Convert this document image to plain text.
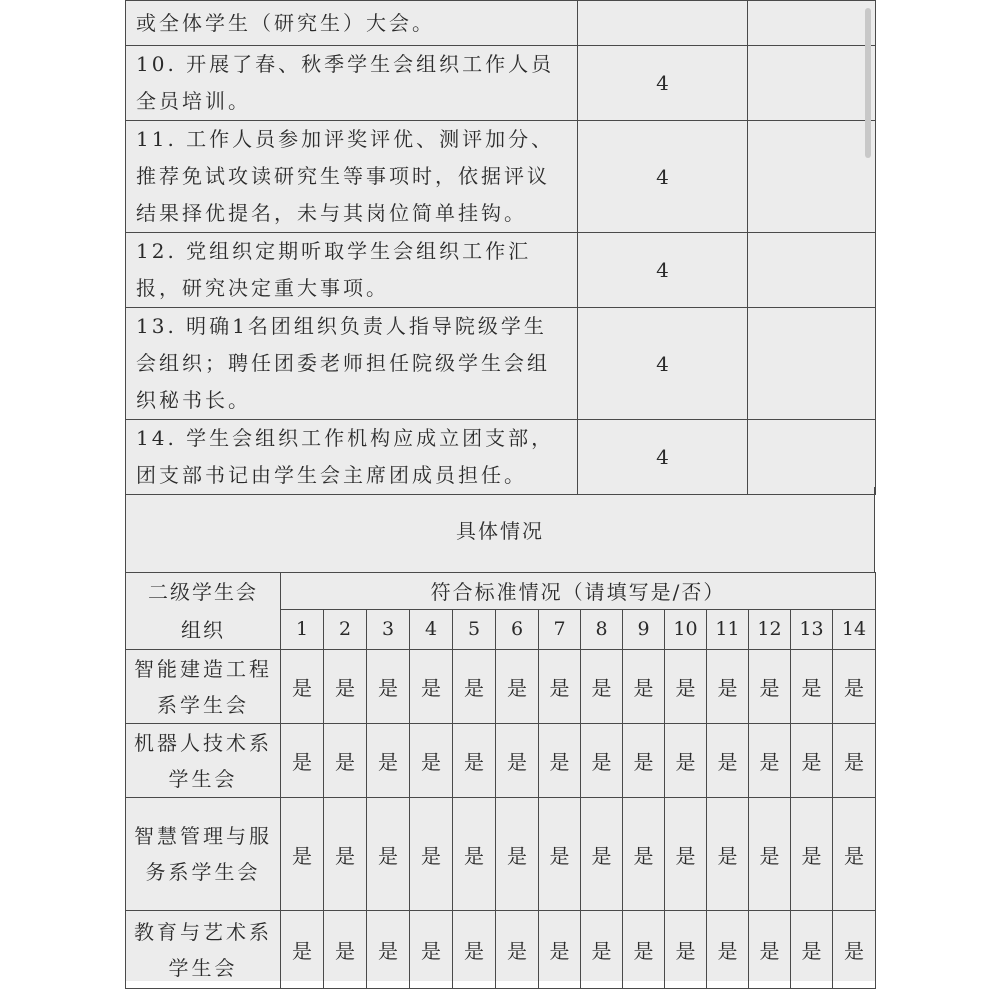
或全体学生（研究生）大会。		
10. 开展了春、秋季学生会组织工作人员全员培训。	4	
11. 工作人员参加评奖评优、测评加分、推荐免试攻读研究生等事项时，依据评议结果择优提名，未与其岗位简单挂钩。	4	
12. 党组织定期听取学生会组织工作汇报，研究决定重大事项。	4	
13. 明确1名团组织负责人指导院级学生会组织；聘任团委老师担任院级学生会组织秘书长。	4	
14. 学生会组织工作机构应成立团支部，团支部书记由学生会主席团成员担任。	4	
具体情况
二级学生会
组织	符合标准情况（请填写是/否）													
	1	2	3	4	5	6	7	8	9	10	11	12	13	14
智能建造工程系学生会	是	是	是	是	是	是	是	是	是	是	是	是	是	是
机器人技术系学生会	是	是	是	是	是	是	是	是	是	是	是	是	是	是
智慧管理与服务系学生会	是	是	是	是	是	是	是	是	是	是	是	是	是	是
教育与艺术系学生会	是	是	是	是	是	是	是	是	是	是	是	是	是	是
